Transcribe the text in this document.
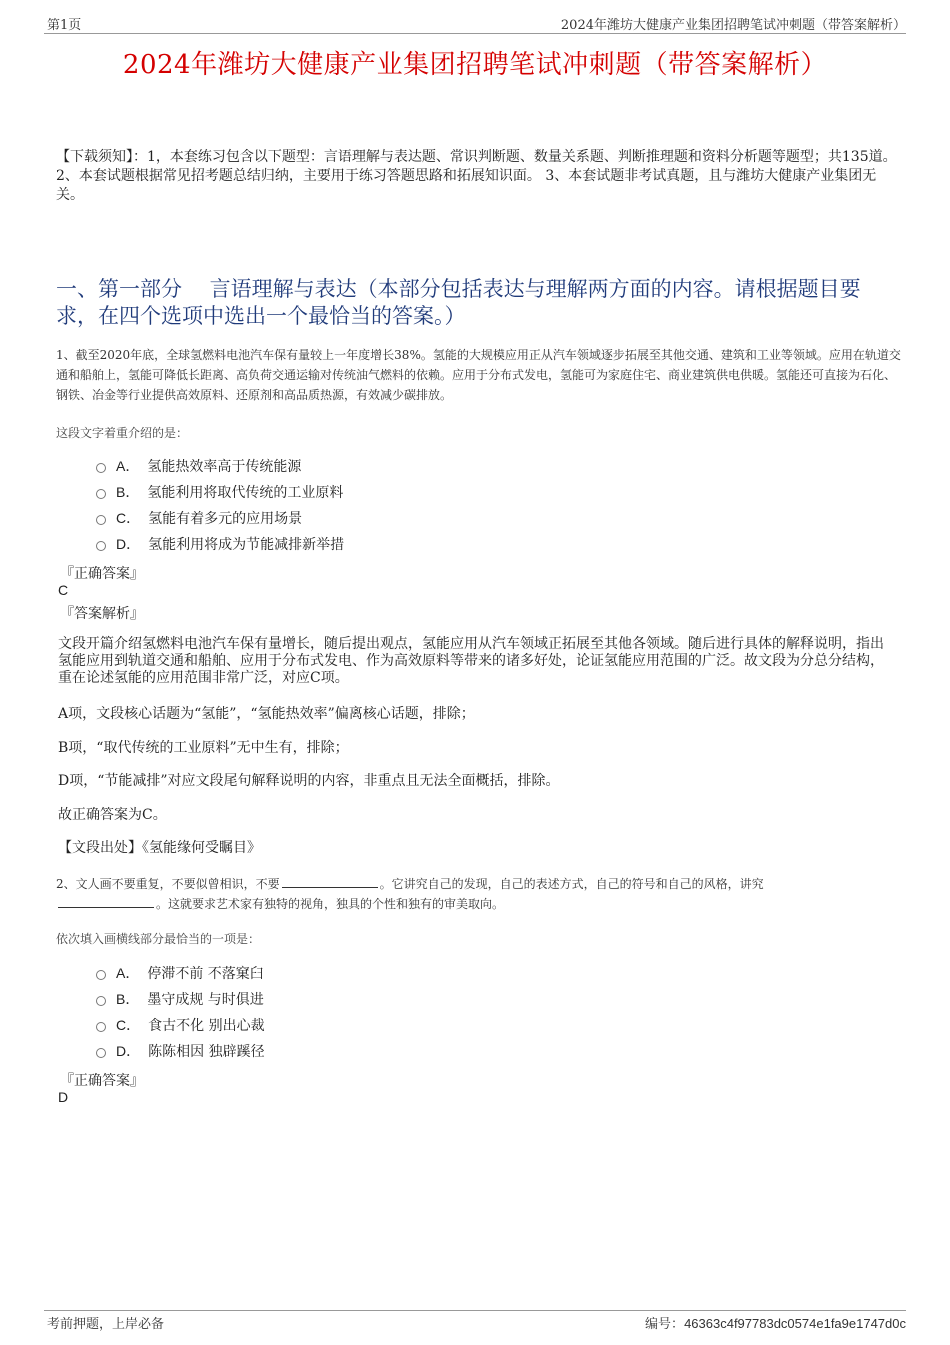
第1页	2024年潍坊大健康产业集团招聘笔试冲刺题（带答案解析）
2024年潍坊大健康产业集团招聘笔试冲刺题（带答案解析）
【下载须知】：1，本套练习包含以下题型：言语理解与表达题、常识判断题、数量关系题、判断推理题和资料分析题等题型；共135道。 2、本套试题根据常见招考题总结归纳，主要用于练习答题思路和拓展知识面。 3、本套试题非考试真题，且与潍坊大健康产业集团无关。
一、第一部分　 言语理解与表达（本部分包括表达与理解两方面的内容。请根据题目要求，在四个选项中选出一个最恰当的答案。）
1、截至2020年底，全球氢燃料电池汽车保有量较上一年度增长38%。氢能的大规模应用正从汽车领域逐步拓展至其他交通、建筑和工业等领域。应用在轨道交通和船舶上，氢能可降低长距离、高负荷交通运输对传统油气燃料的依赖。应用于分布式发电，氢能可为家庭住宅、商业建筑供电供暖。氢能还可直接为石化、钢铁、冶金等行业提供高效原料、还原剂和高品质热源，有效减少碳排放。
这段文字着重介绍的是：
A． 氢能热效率高于传统能源
B． 氢能利用将取代传统的工业原料
C． 氢能有着多元的应用场景
D． 氢能利用将成为节能减排新举措
『正确答案』
C
『答案解析』
文段开篇介绍氢燃料电池汽车保有量增长，随后提出观点，氢能应用从汽车领域正拓展至其他各领域。随后进行具体的解释说明，指出氢能应用到轨道交通和船舶、应用于分布式发电、作为高效原料等带来的诸多好处，论证氢能应用范围的广泛。故文段为分总分结构，重在论述氢能的应用范围非常广泛，对应C项。
A项，文段核心话题为“氢能”，“氢能热效率”偏离核心话题，排除；
B项，“取代传统的工业原料”无中生有，排除；
D项，“节能减排”对应文段尾句解释说明的内容，非重点且无法全面概括，排除。
故正确答案为C。
【文段出处】《氢能缘何受瞩目》
2、文人画不要重复，不要似曾相识，不要	。它讲究自己的发现，自己的表述方式，自己的符号和自己的风格，讲究
。这就要求艺术家有独特的视角，独具的个性和独有的审美取向。
依次填入画横线部分最恰当的一项是：
A． 停滞不前 不落窠臼
B． 墨守成规 与时俱进
C． 食古不化 别出心裁
D． 陈陈相因 独辟蹊径
『正确答案』
D
考前押题，上岸必备	编号：46363c4f97783dc0574e1fa9e1747d0c
